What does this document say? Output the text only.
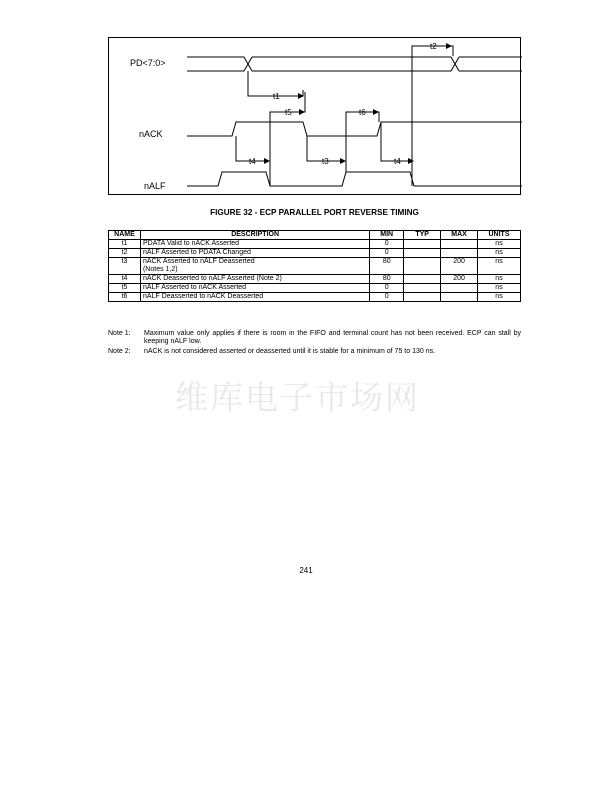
PD<7:0>
nACK
nALF
t2
t1
t5	t6
t4	t3	t4
FIGURE 32 - ECP PARALLEL PORT REVERSE TIMING
NAME	DESCRIPTION	MIN	TYP	MAX	UNITS
t1	PDATA Valid to nACK Asserted	0			ns
t2	nALF Asserted to PDATA Changed	0			ns
t3	nACK Asserted to nALF Deasserted
(Notes 1,2)	80		200	ns
t4	nACK Deasserted to nALF Asserted (Note 2)	80		200	ns
t5	nALF Asserted to nACK Asserted	0			ns
t6	nALF Deasserted to nACK Deasserted	0			ns
Note 1:	Maximum value only applies if there is room in the FIFO and terminal count has not been received. ECP can stall by keeping nALF low.
Note 2:	nACK is not considered asserted or deasserted until it is stable for a minimum of 75 to 130 ns.
维库电子市场网
241
